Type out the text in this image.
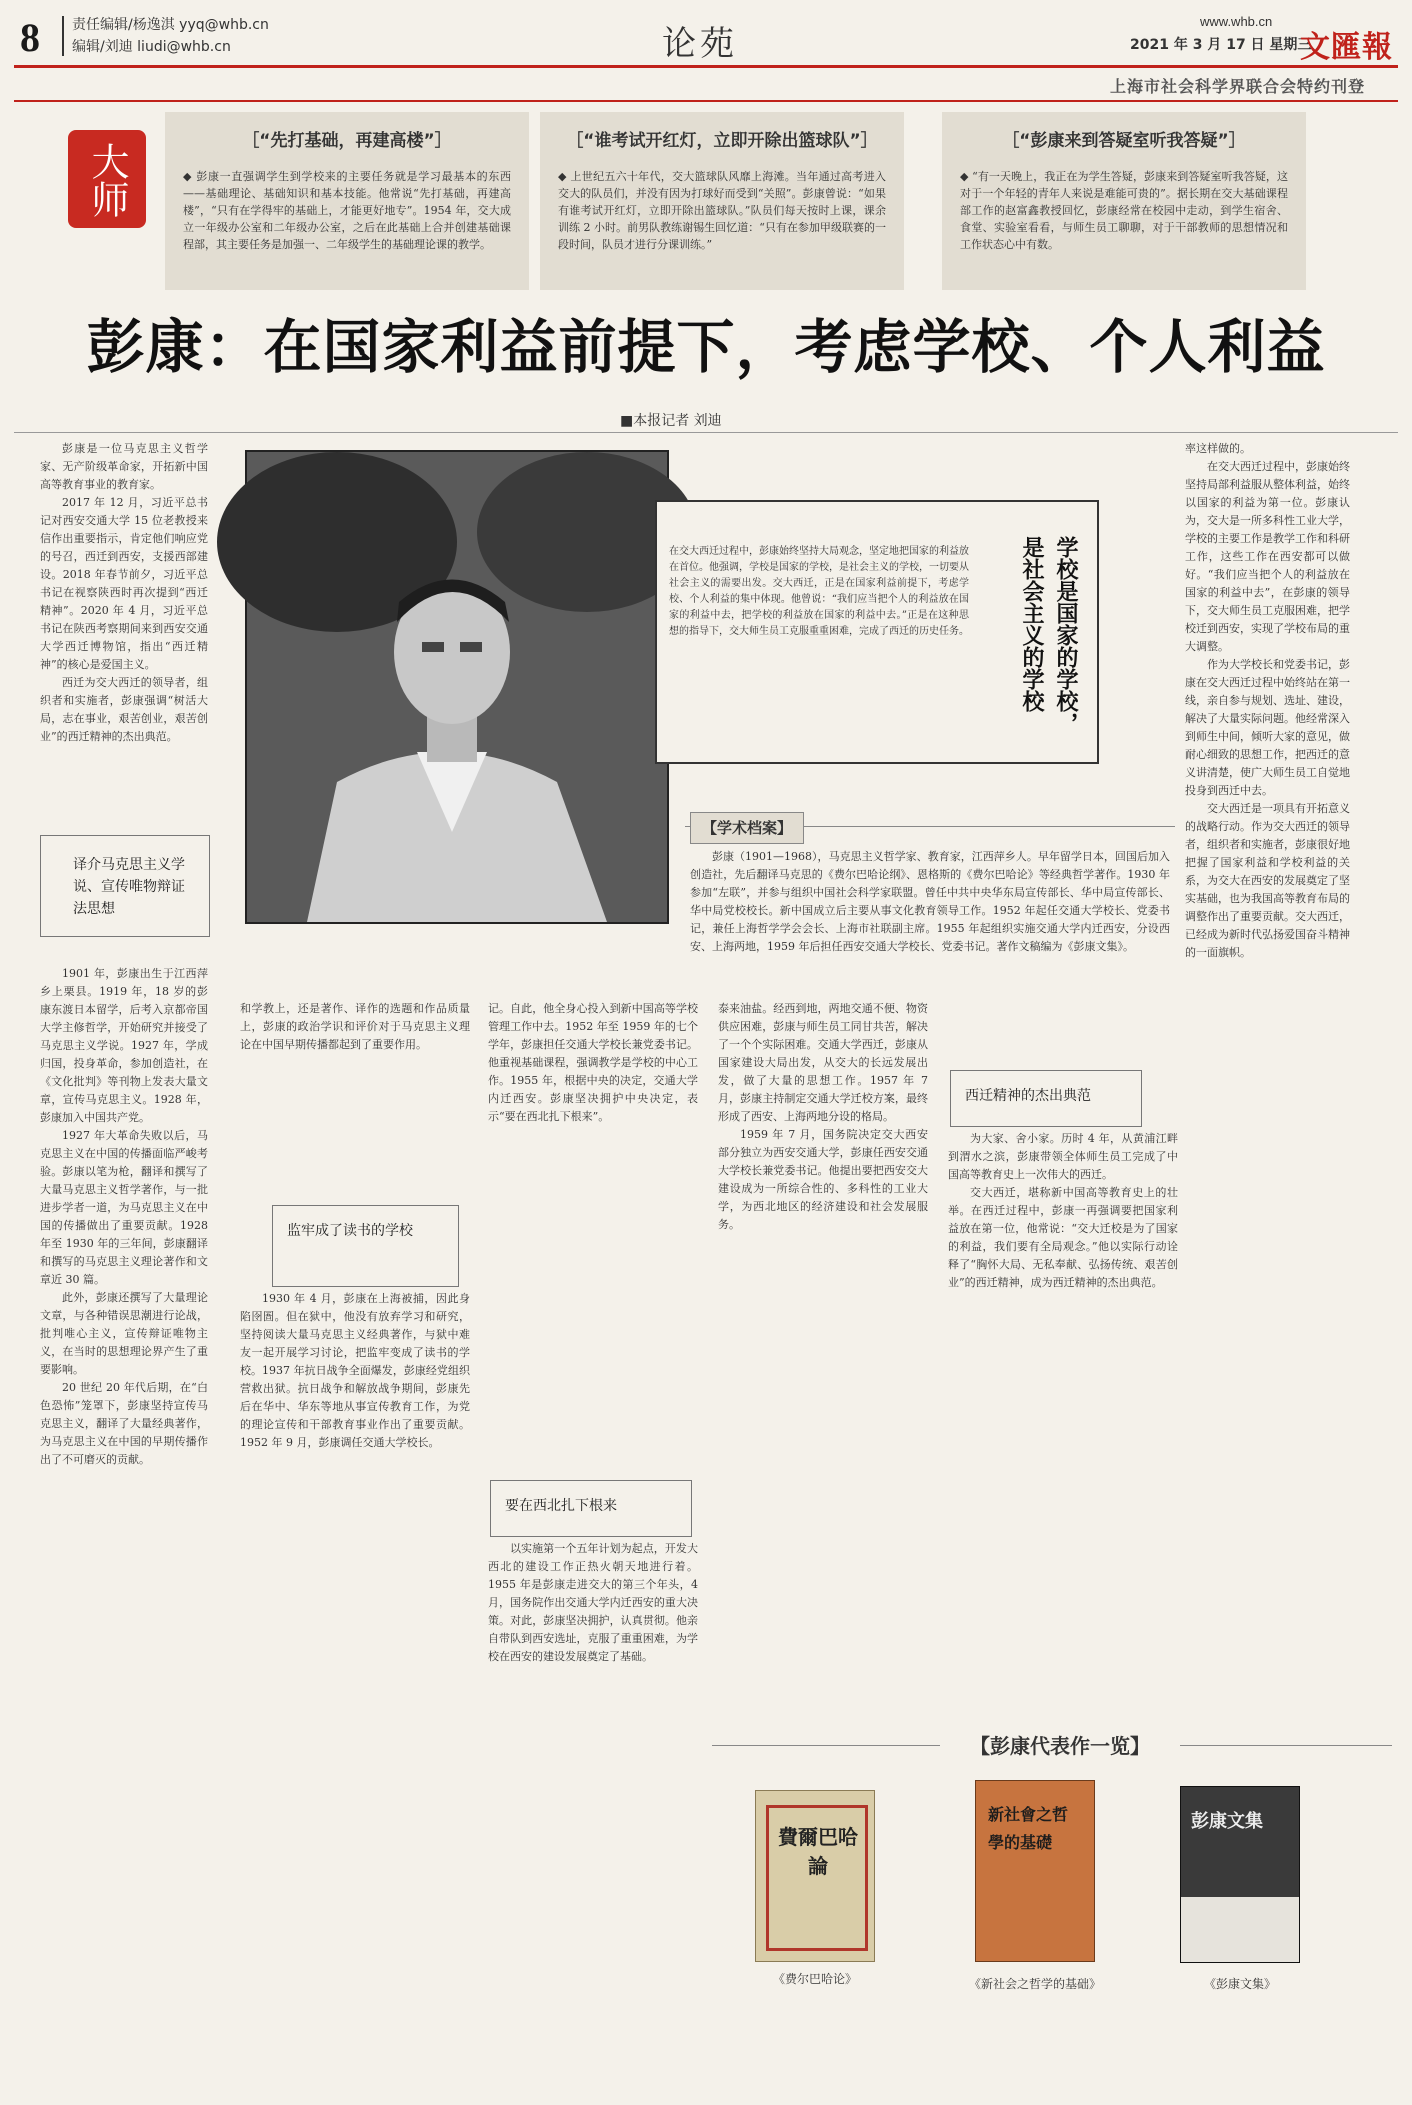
8 责任编辑/杨逸淇 yyq@whb.cn
编辑/刘迪 liudi@whb.cn	论苑
www.whb.cn
2021 年 3 月 17 日 星期三
文匯報
上海市社会科学界联合会特约刊登
大师
［“先打基础，再建高楼”］
◆ 彭康一直强调学生到学校来的主要任务就是学习最基本的东西——基础理论、基础知识和基本技能。他常说“先打基础，再建高楼”，“只有在学得牢的基础上，才能更好地专”。1954 年，交大成立一年级办公室和二年级办公室，之后在此基础上合并创建基础课程部，其主要任务是加强一、二年级学生的基础理论课的教学。
［“谁考试开红灯，立即开除出篮球队”］
◆ 上世纪五六十年代，交大篮球队风靡上海滩。当年通过高考进入交大的队员们，并没有因为打球好而受到“关照”。彭康曾说：“如果有谁考试开红灯，立即开除出篮球队。”队员们每天按时上课，课余训练 2 小时。前男队教练谢锡生回忆道：“只有在参加甲级联赛的一段时间，队员才进行分课训练。”
［“彭康来到答疑室听我答疑”］
◆ “有一天晚上，我正在为学生答疑，彭康来到答疑室听我答疑，这对于一个年轻的青年人来说是难能可贵的”。据长期在交大基础课程部工作的赵富鑫教授回忆，彭康经常在校园中走动，到学生宿舍、食堂、实验室看看，与师生员工聊聊，对于干部教师的思想情况和工作状态心中有数。
彭康：在国家利益前提下，考虑学校、个人利益
■本报记者 刘迪

彭康是一位马克思主义哲学家、无产阶级革命家，开拓新中国高等教育事业的教育家。

2017 年 12 月，习近平总书记对西安交通大学 15 位老教授来信作出重要指示，肯定他们响应党的号召，西迁到西安，支援西部建设。2018 年春节前夕，习近平总书记在视察陕西时再次提到“西迁精神”。2020 年 4 月，习近平总书记在陕西考察期间来到西安交通大学西迁博物馆，指出“西迁精神”的核心是爱国主义。

西迁为交大西迁的领导者，组织者和实施者，彭康强调“树活大局，志在事业，艰苦创业，艰苦创业”的西迁精神的杰出典范。

译介马克思主义学说、宣传唯物辩证法思想

1901 年，彭康出生于江西萍乡上栗县。1919 年，18 岁的彭康东渡日本留学，后考入京都帝国大学主修哲学，开始研究并接受了马克思主义学说。1927 年，学成归国，投身革命，参加创造社，在《文化批判》等刊物上发表大量文章，宣传马克思主义。1928 年，彭康加入中国共产党。

1927 年大革命失败以后，马克思主义在中国的传播面临严峻考验。彭康以笔为枪，翻译和撰写了大量马克思主义哲学著作，与一批进步学者一道，为马克思主义在中国的传播做出了重要贡献。1928 年至 1930 年的三年间，彭康翻译和撰写的马克思主义理论著作和文章近 30 篇。

此外，彭康还撰写了大量理论文章，与各种错误思潮进行论战，批判唯心主义，宣传辩证唯物主义，在当时的思想理论界产生了重要影响。

20 世纪 20 年代后期，在“白色恐怖”笼罩下，彭康坚持宣传马克思主义，翻译了大量经典著作，为马克思主义在中国的早期传播作出了不可磨灭的贡献。

在交大西迁过程中，彭康始终坚持大局观念，坚定地把国家的利益放在首位。他强调，学校是国家的学校，是社会主义的学校，一切要从社会主义的需要出发。交大西迁，正是在国家利益前提下，考虑学校、个人利益的集中体现。他曾说：“我们应当把个人的利益放在国家的利益中去，把学校的利益放在国家的利益中去。”正是在这种思想的指导下，交大师生员工克服重重困难，完成了西迁的历史任务。	学校是国家的学校，是社会主义的学校
【学术档案】

彭康（1901—1968），马克思主义哲学家、教育家，江西萍乡人。早年留学日本，回国后加入创造社，先后翻译马克思的《费尔巴哈论纲》、恩格斯的《费尔巴哈论》等经典哲学著作。1930 年参加“左联”，并参与组织中国社会科学家联盟。曾任中共中央华东局宣传部长、华中局宣传部长、华中局党校校长。新中国成立后主要从事文化教育领导工作。1952 年起任交通大学校长、党委书记，兼任上海哲学学会会长、上海市社联副主席。1955 年起组织实施交通大学内迁西安，分设西安、上海两地，1959 年后担任西安交通大学校长、党委书记。著作文稿编为《彭康文集》。

率这样做的。

在交大西迁过程中，彭康始终坚持局部利益服从整体利益，始终以国家的利益为第一位。彭康认为，交大是一所多科性工业大学，学校的主要工作是教学工作和科研工作，这些工作在西安都可以做好。“我们应当把个人的利益放在国家的利益中去”，在彭康的领导下，交大师生员工克服困难，把学校迁到西安，实现了学校布局的重大调整。

作为大学校长和党委书记，彭康在交大西迁过程中始终站在第一线，亲自参与规划、选址、建设，解决了大量实际问题。他经常深入到师生中间，倾听大家的意见，做耐心细致的思想工作，把西迁的意义讲清楚，使广大师生员工自觉地投身到西迁中去。

交大西迁是一项具有开拓意义的战略行动。作为交大西迁的领导者，组织者和实施者，彭康很好地把握了国家利益和学校利益的关系，为交大在西安的发展奠定了坚实基础，也为我国高等教育布局的调整作出了重要贡献。交大西迁，已经成为新时代弘扬爱国奋斗精神的一面旗帜。

和学教上，还是著作、译作的选题和作品质量上，彭康的政治学识和评价对于马克思主义理论在中国早期传播都起到了重要作用。

监牢成了读书的学校

1930 年 4 月，彭康在上海被捕，因此身陷囹圄。但在狱中，他没有放弃学习和研究，坚持阅读大量马克思主义经典著作，与狱中难友一起开展学习讨论，把监牢变成了读书的学校。1937 年抗日战争全面爆发，彭康经党组织营救出狱。抗日战争和解放战争期间，彭康先后在华中、华东等地从事宣传教育工作，为党的理论宣传和干部教育事业作出了重要贡献。1952 年 9 月，彭康调任交通大学校长。

记。自此，他全身心投入到新中国高等学校管理工作中去。1952 年至 1959 年的七个学年，彭康担任交通大学校长兼党委书记。他重视基础课程，强调教学是学校的中心工作。1955 年，根据中央的决定，交通大学内迁西安。彭康坚决拥护中央决定，表示“要在西北扎下根来”。

要在西北扎下根来

以实施第一个五年计划为起点，开发大西北的建设工作正热火朝天地进行着。1955 年是彭康走进交大的第三个年头，4 月，国务院作出交通大学内迁西安的重大决策。对此，彭康坚决拥护，认真贯彻。他亲自带队到西安选址，克服了重重困难，为学校在西安的建设发展奠定了基础。

泰来油盐。经西到地，两地交通不便、物资供应困难，彭康与师生员工同甘共苦，解决了一个个实际困难。交通大学西迁，彭康从国家建设大局出发，从交大的长远发展出发，做了大量的思想工作。1957 年 7 月，彭康主持制定交通大学迁校方案，最终形成了西安、上海两地分设的格局。

1959 年 7 月，国务院决定交大西安部分独立为西安交通大学，彭康任西安交通大学校长兼党委书记。他提出要把西安交大建设成为一所综合性的、多科性的工业大学，为西北地区的经济建设和社会发展服务。

西迁精神的杰出典范

为大家、舍小家。历时 4 年，从黄浦江畔到渭水之滨，彭康带领全体师生员工完成了中国高等教育史上一次伟大的西迁。

交大西迁，堪称新中国高等教育史上的壮举。在西迁过程中，彭康一再强调要把国家利益放在第一位，他常说：“交大迁校是为了国家的利益，我们要有全局观念。”他以实际行动诠释了“胸怀大局、无私奉献、弘扬传统、艰苦创业”的西迁精神，成为西迁精神的杰出典范。

【彭康代表作一览】
費爾巴哈論
《费尔巴哈论》
新社會之哲學的基礎
《新社会之哲学的基础》
彭康文集
《彭康文集》
